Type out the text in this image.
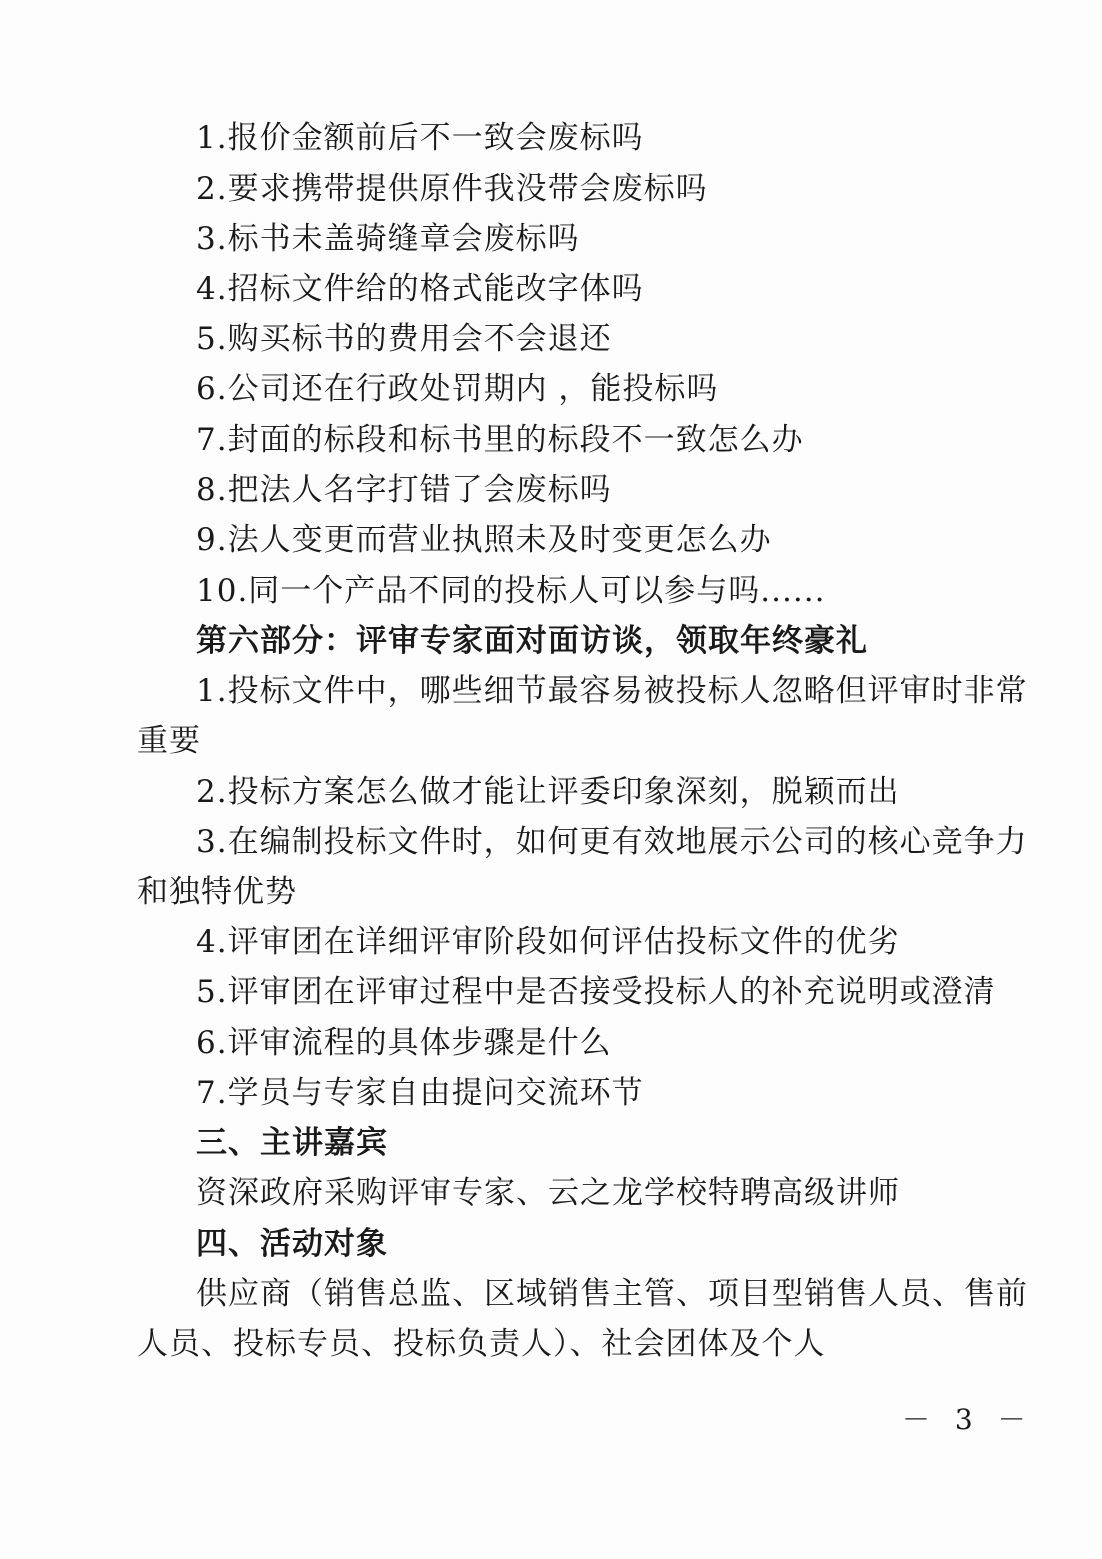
1.报价金额前后不一致会废标吗
2.要求携带提供原件我没带会废标吗
3.标书未盖骑缝章会废标吗
4.招标文件给的格式能改字体吗
5.购买标书的费用会不会退还
6.公司还在行政处罚期内 ，能投标吗
7.封面的标段和标书里的标段不一致怎么办
8.把法人名字打错了会废标吗
9.法人变更而营业执照未及时变更怎么办
10.同一个产品不同的投标人可以参与吗......
第六部分：评审专家面对面访谈，领取年终豪礼
1.投标文件中，哪些细节最容易被投标人忽略但评审时非常
重要
2.投标方案怎么做才能让评委印象深刻，脱颖而出
3.在编制投标文件时，如何更有效地展示公司的核心竞争力
和独特优势
4.评审团在详细评审阶段如何评估投标文件的优劣
5.评审团在评审过程中是否接受投标人的补充说明或澄清
6.评审流程的具体步骤是什么
7.学员与专家自由提问交流环节
三、主讲嘉宾
资深政府采购评审专家、云之龙学校特聘高级讲师
四、活动对象
供应商（销售总监、区域销售主管、项目型销售人员、售前
人员、投标专员、投标负责人）、社会团体及个人
－ 3 －
